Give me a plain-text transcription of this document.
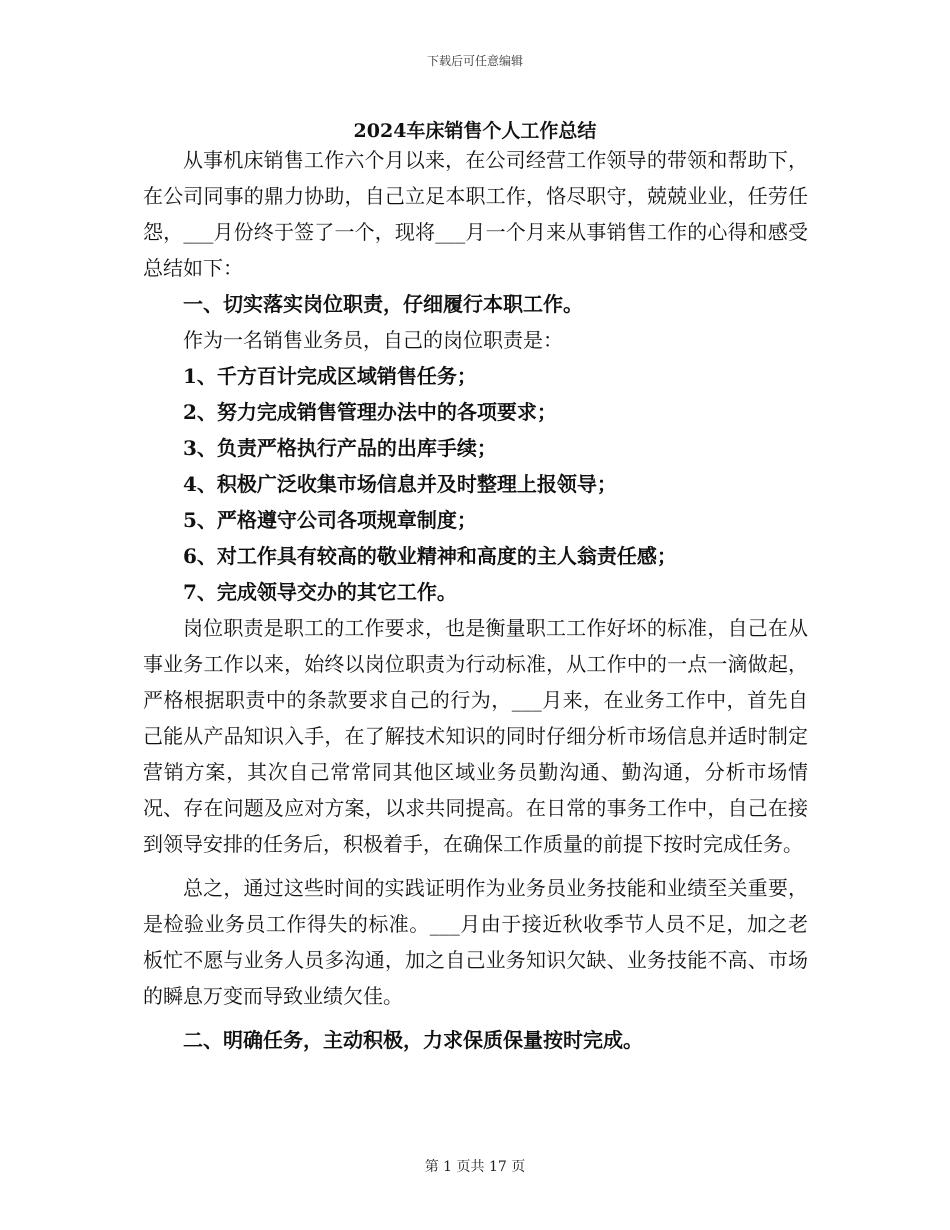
下载后可任意编辑
2024车床销售个人工作总结

从事机床销售工作六个月以来，在公司经营工作领导的带领和帮助下，在公司同事的鼎力协助，自己立足本职工作，恪尽职守，兢兢业业，任劳任怨，___月份终于签了一个，现将___月一个月来从事销售工作的心得和感受总结如下：

一、切实落实岗位职责，仔细履行本职工作。

作为一名销售业务员，自己的岗位职责是：

1、千方百计完成区域销售任务；

2、努力完成销售管理办法中的各项要求；

3、负责严格执行产品的出库手续；

4、积极广泛收集市场信息并及时整理上报领导；

5、严格遵守公司各项规章制度；

6、对工作具有较高的敬业精神和高度的主人翁责任感；

7、完成领导交办的其它工作。

岗位职责是职工的工作要求，也是衡量职工工作好坏的标准，自己在从事业务工作以来，始终以岗位职责为行动标准，从工作中的一点一滴做起，严格根据职责中的条款要求自己的行为，___月来，在业务工作中，首先自己能从产品知识入手，在了解技术知识的同时仔细分析市场信息并适时制定营销方案，其次自己常常同其他区域业务员勤沟通、勤沟通，分析市场情况、存在问题及应对方案，以求共同提高。在日常的事务工作中，自己在接到领导安排的任务后，积极着手，在确保工作质量的前提下按时完成任务。

总之，通过这些时间的实践证明作为业务员业务技能和业绩至关重要，是检验业务员工作得失的标准。___月由于接近秋收季节人员不足，加之老板忙不愿与业务人员多沟通，加之自己业务知识欠缺、业务技能不高、市场的瞬息万变而导致业绩欠佳。

二、明确任务，主动积极，力求保质保量按时完成。

第 1 页共 17 页
